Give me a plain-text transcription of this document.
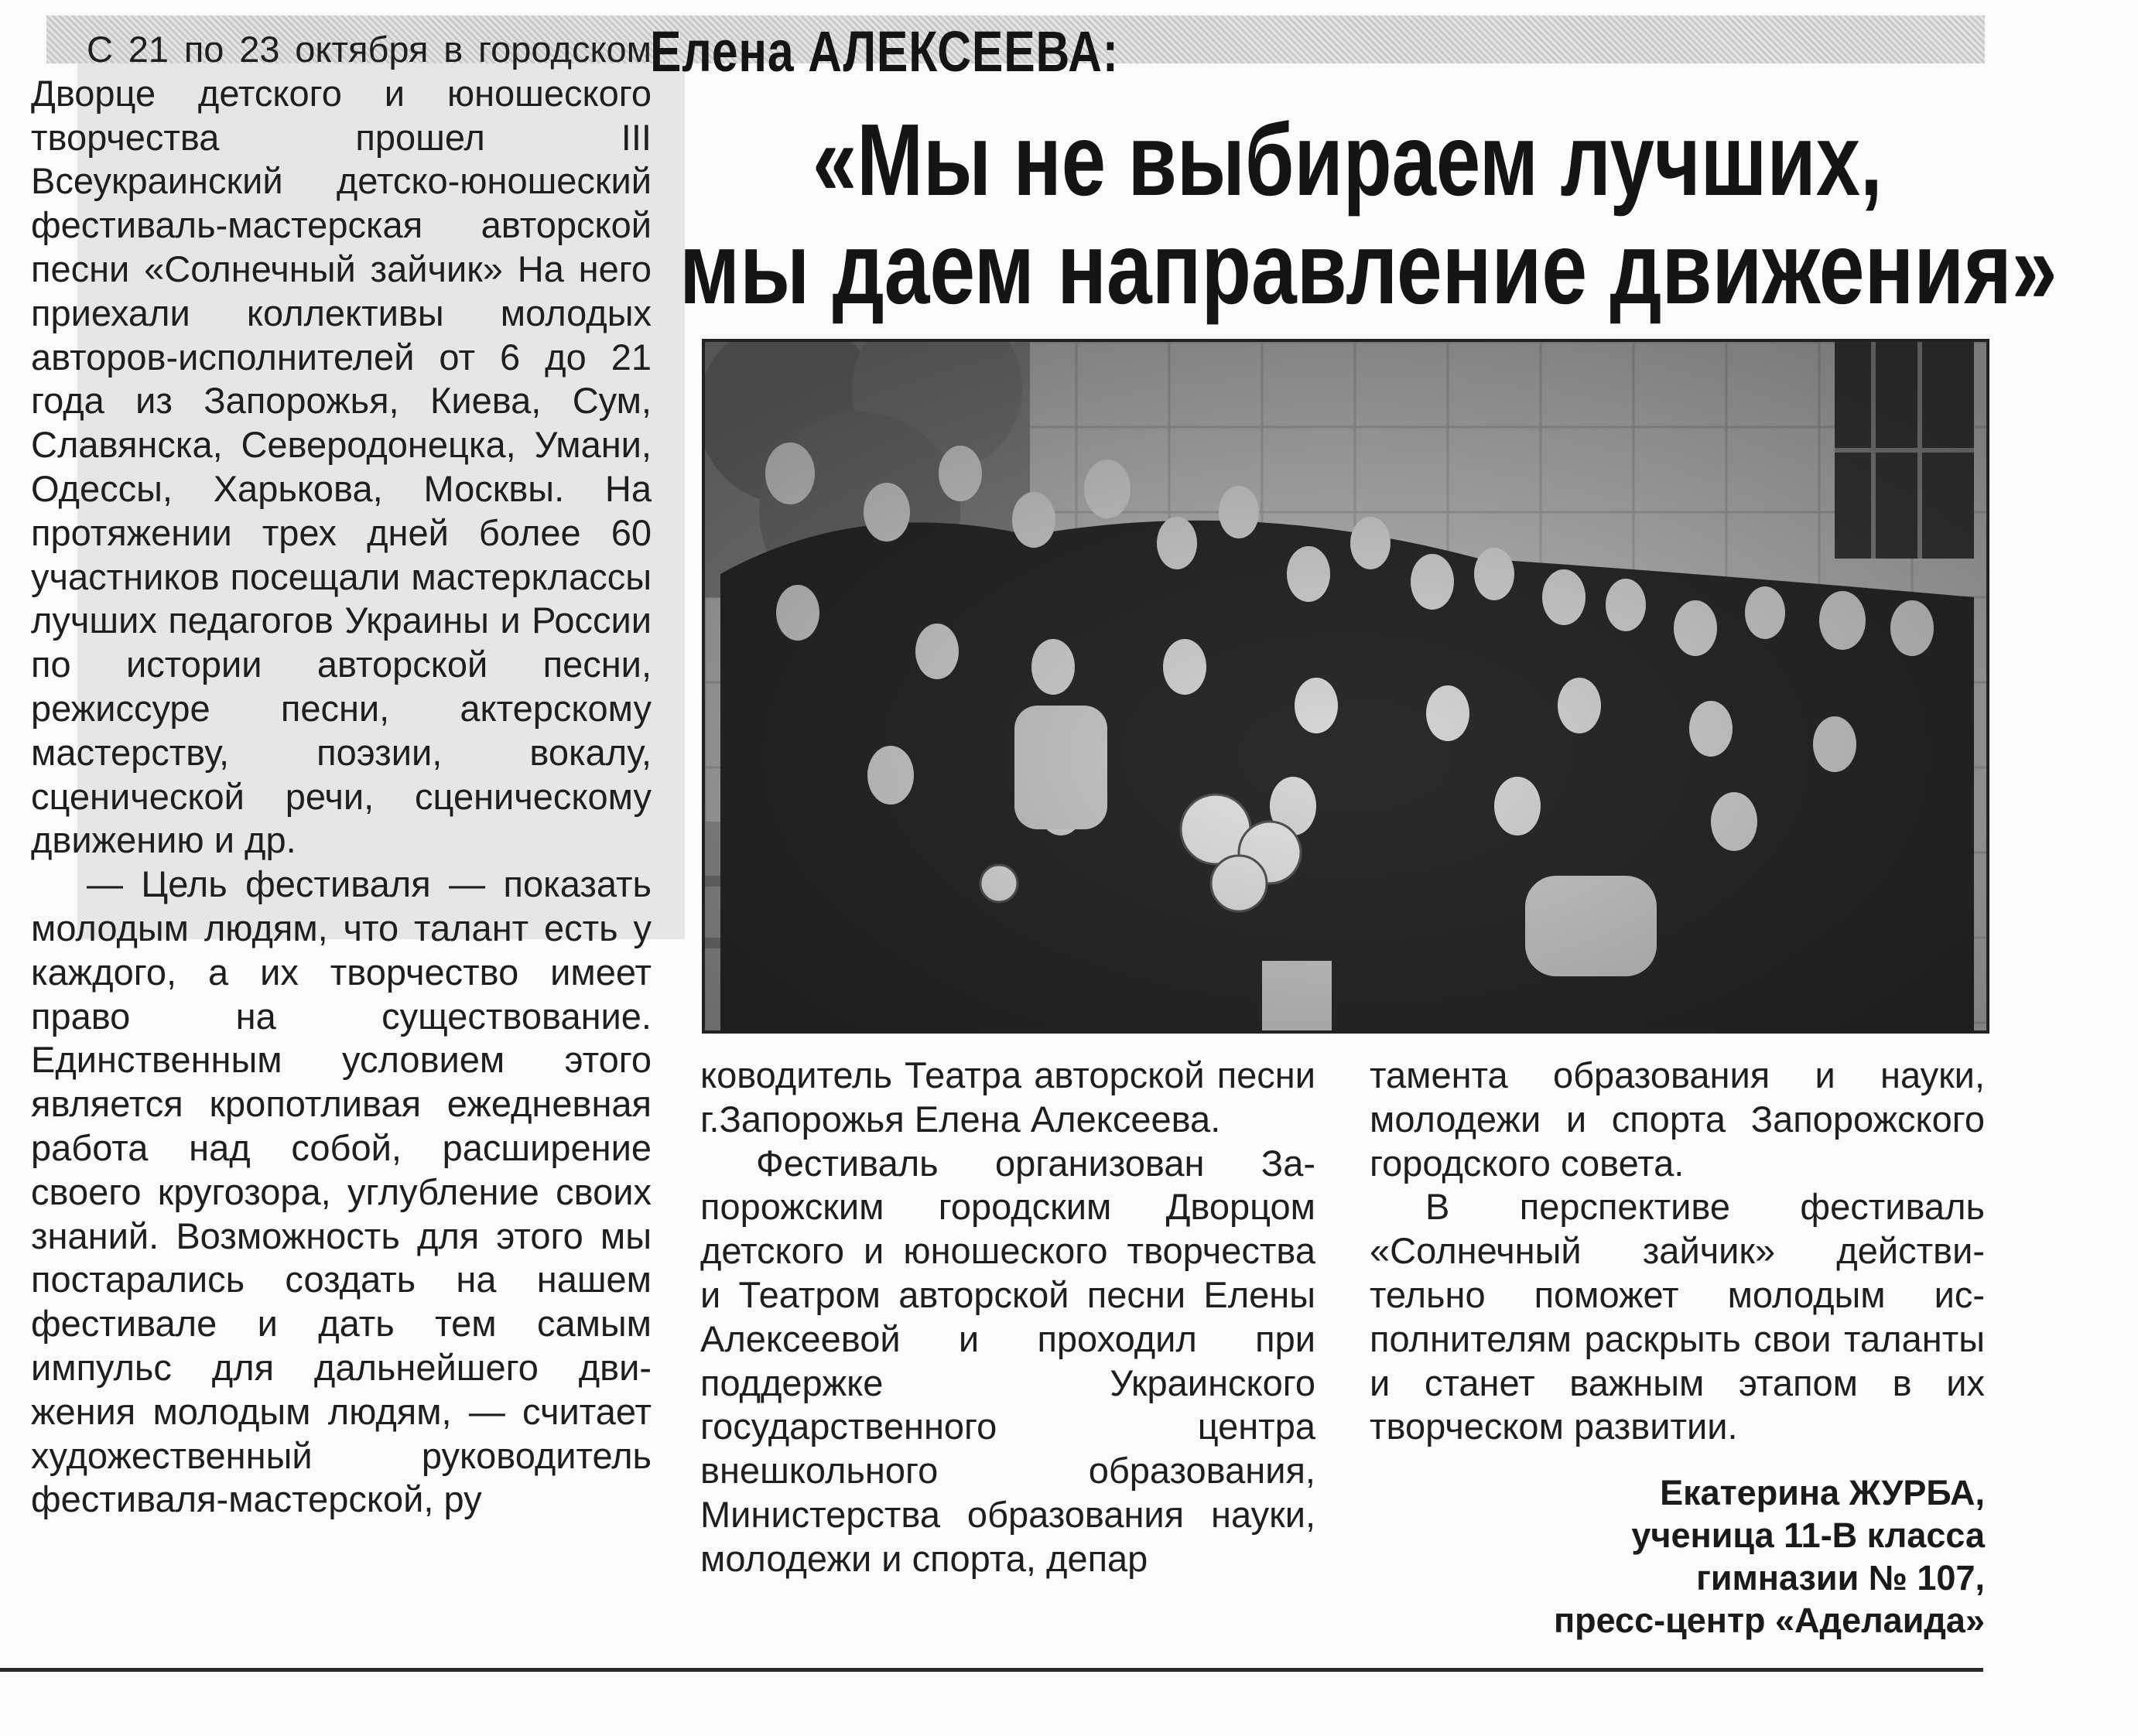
Елена АЛЕКСЕЕВА:
«Мы не выбираем лучших,
мы даем направление движения»

С 21 по 23 октября в городском Дворце детского и юношеского творчества прошел III Всеукраинский детско-юношеский фестиваль-мастерская авторской песни «Солнечный зайчик» На него приехали коллективы молодых авторов-исполнителей от 6 до 21 года из Запорожья, Киева, Сум, Славянска, Северодонецка, Умани, Одессы, Харькова, Москвы. На протяжении трех дней более 60 участников посещали мастерклассы лучших педагогов Украины и России по истории авторской песни, режиссуре песни, актерскому мастерству, поэзии, вокалу, сценической речи, сценическому движению и др.

— Цель фестиваля — показать молодым людям, что талант есть у каждого, а их творчество имеет право на существование. Единственным условием этого является кропотливая ежедневная работа над собой, расширение своего кругозора, углубление своих знаний. Возможность для этого мы постарались создать на нашем фестивале и дать тем самым импульс для дальнейшего движения молодым людям, — считает художественный руководитель фестиваля-мастерской, ру

ководитель Театра авторской песни г.Запорожья Елена Алексеева.

Фестиваль организован Запорожским городским Дворцом детского и юношеского творчества и Театром авторской песни Елены Алексеевой и проходил при поддержке Украинского государственного центра внешкольного образования, Министерства образования науки, молодежи и спорта, депар

тамента образования и науки, молодежи и спорта Запорожского городского совета.

В перспективе фестиваль «Солнечный зайчик» действительно поможет молодым исполнителям раскрыть свои таланты и станет важным этапом в их творческом развитии.

Екатерина ЖУРБА,
ученица 11-В класса
гимназии № 107,
пресс-центр «Аделаида»
